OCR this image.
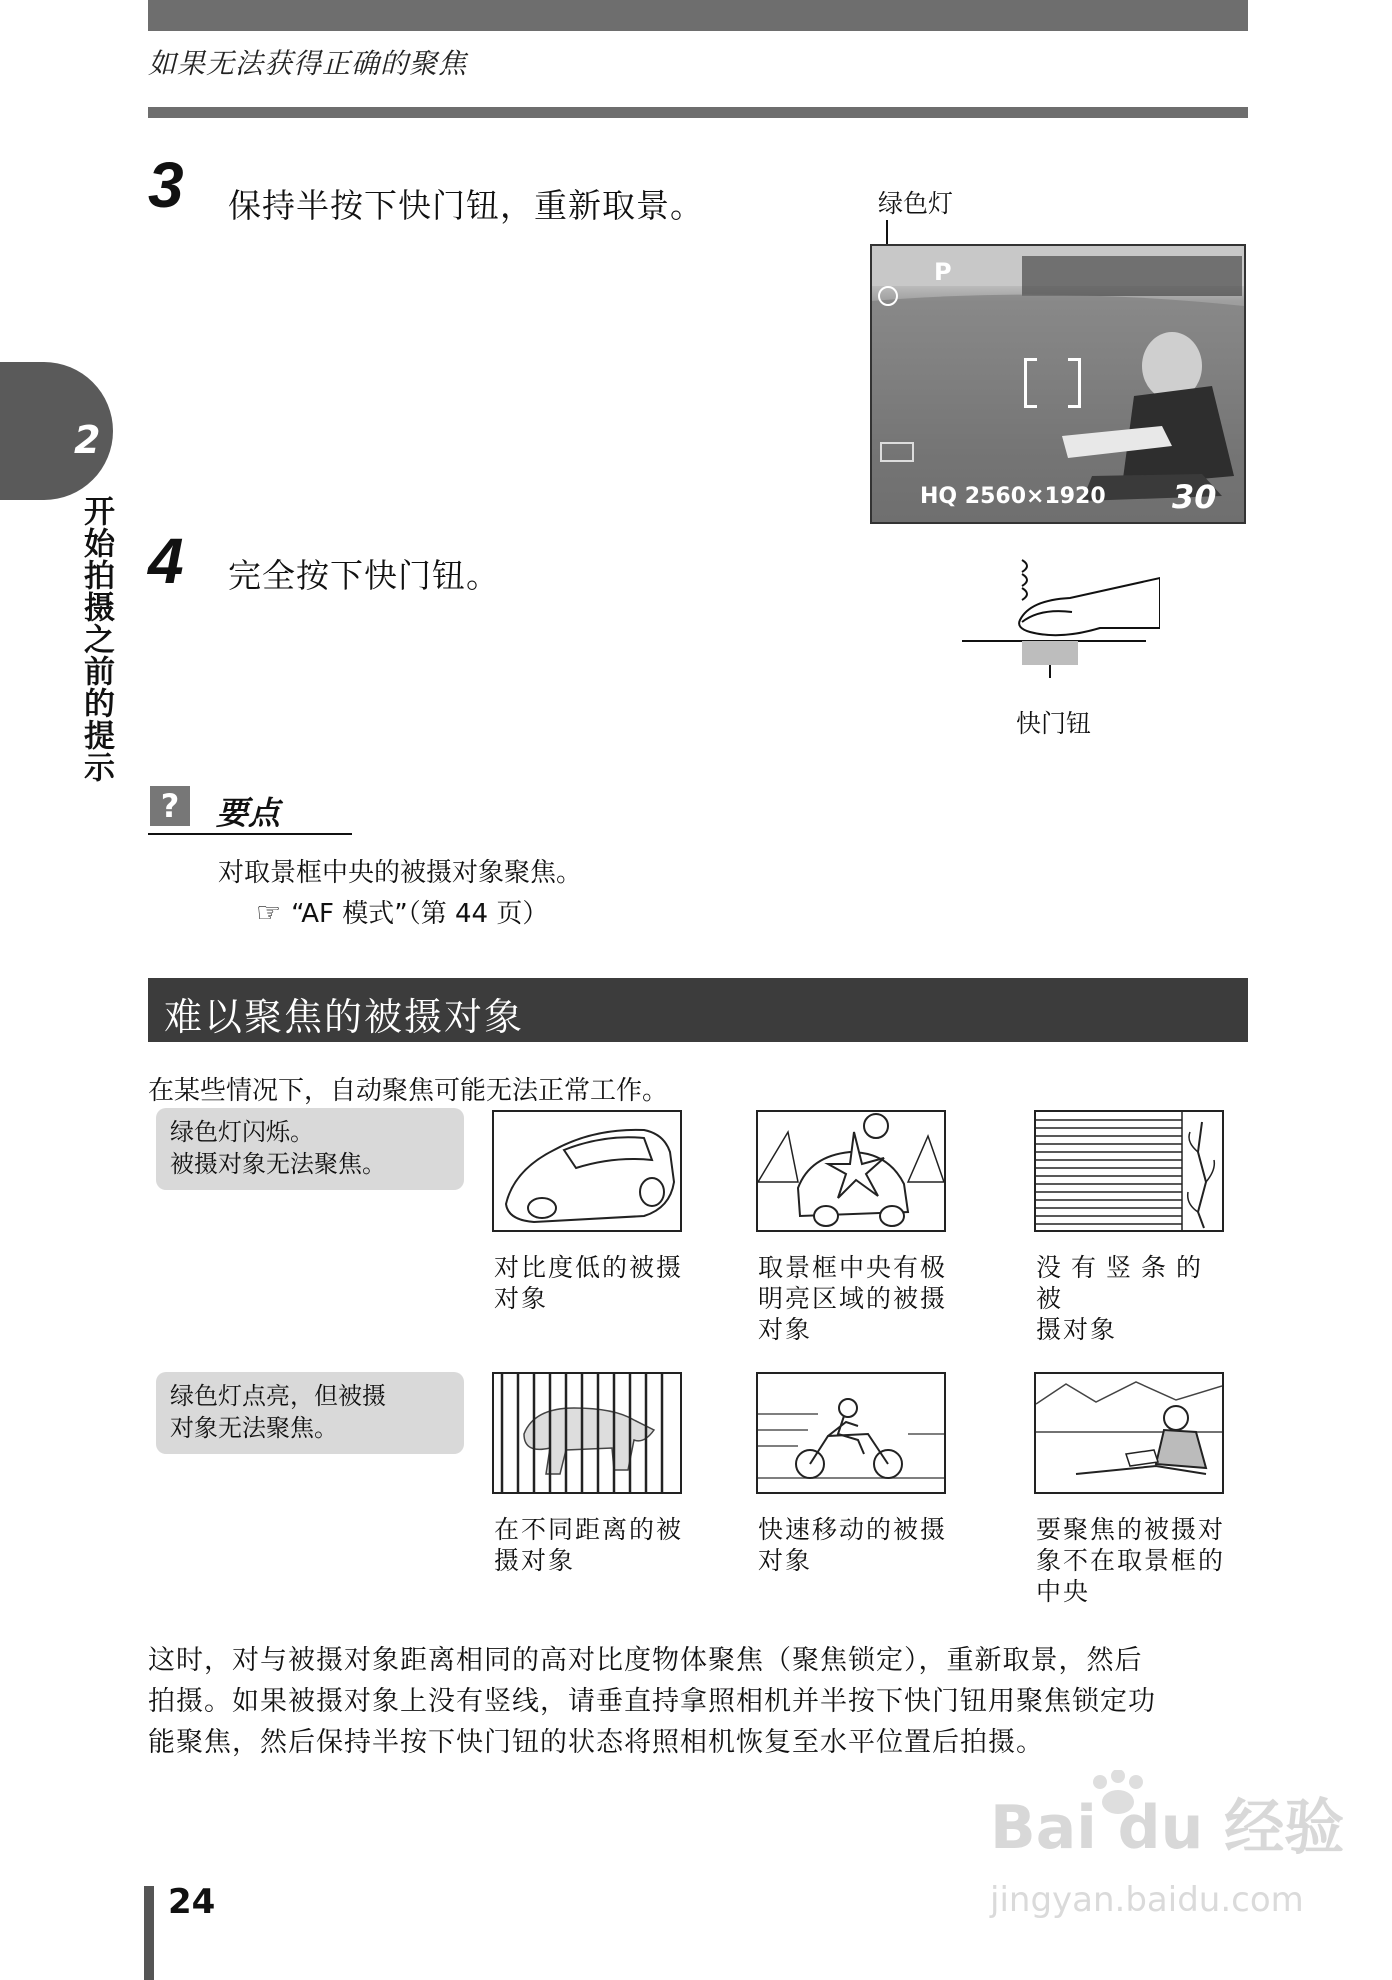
如果无法获得正确的聚焦
2
开始拍摄之前的提示
3 保持半按下快门钮，重新取景。	绿色灯
P
HQ 2560×1920 30
4 完全按下快门钮。
快门钮
?	要点
对取景框中央的被摄对象聚焦。
☞ “AF 模式”（第 44 页）
难以聚焦的被摄对象
在某些情况下，自动聚焦可能无法正常工作。
绿色灯闪烁。
被摄对象无法聚焦。
对比度低的被摄
对象
取景框中央有极
明亮区域的被摄
对象
没有竖条的被
摄对象
绿色灯点亮，但被摄
对象无法聚焦。
在不同距离的被
摄对象
快速移动的被摄
对象
要聚焦的被摄对
象不在取景框的
中央
这时，对与被摄对象距离相同的高对比度物体聚焦（聚焦锁定），重新取景，然后
拍摄。如果被摄对象上没有竖线，请垂直持拿照相机并半按下快门钮用聚焦锁定功
能聚焦，然后保持半按下快门钮的状态将照相机恢复至水平位置后拍摄。
24
Bai du 经验
jingyan.baidu.com
